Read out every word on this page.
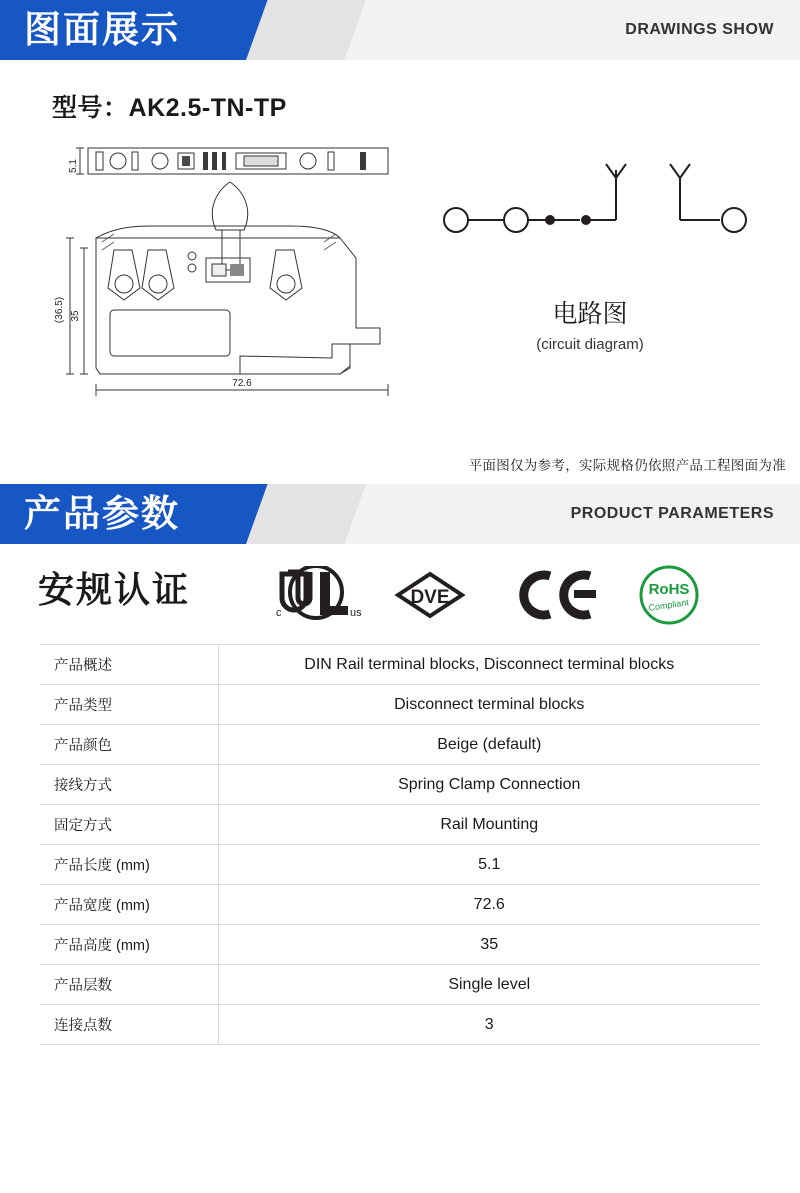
图面展示	DRAWINGS SHOW
型号：AK2.5-TN-TP
5.1
(36.5) 35
72.6
电路图
(circuit diagram)
平面图仅为参考，实际规格仍依照产品工程图面为准
产品参数	PRODUCT PARAMETERS
安规认证
c	us
DVE	RoHS
Compliant
产品概述	DIN Rail terminal blocks, Disconnect terminal blocks
产品类型	Disconnect terminal blocks
产品颜色	Beige (default)
接线方式	Spring Clamp Connection
固定方式	Rail Mounting
产品长度 (mm)	5.1
产品宽度 (mm)	72.6
产品高度 (mm)	35
产品层数	Single level
连接点数	3
